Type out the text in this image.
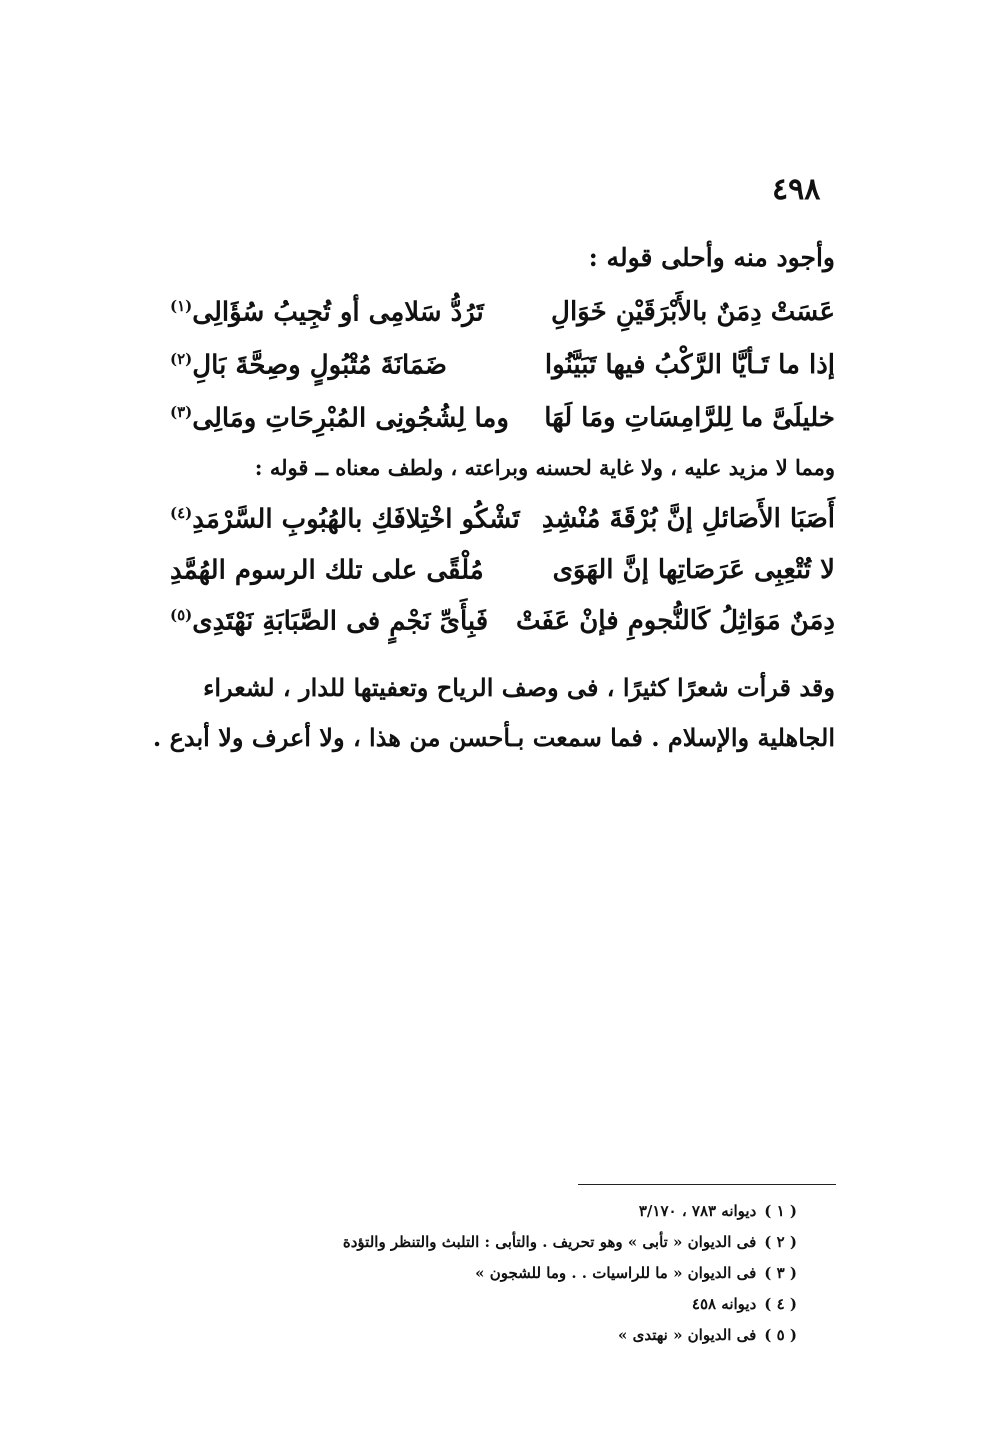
٤٩٨
وأجود منه وأحلى قوله :
عَسَتْ دِمَنٌ بالأَبْرَقَيْنِ خَوَالِ
تَرُدُّ سَلامِى أو تُجِيبُ سُؤَالِى$^{(١)}$
إذا ما تَـأيَّا الرَّكْبُ فيها تَبَيَّنُوا
ضَمَانَةَ مُتْبُولٍ وصِحَّةَ بَالِ$^{(٢)}$
خليلَىَّ ما لِلرَّامِسَاتِ ومَا لَهَا
وما لِشُجُونِى المُبْرِحَاتِ ومَالِى$^{(٣)}$
ومما لا مزيد عليه ، ولا غاية لحسنه وبراعته ، ولطف معناه ــ قوله :
أَصَبَا الأَصَائلِ إنَّ بُرْقَةَ مُنْشِدِ
تَشْكُو اخْتِلافَكِ بالهُبُوبِ السَّرْمَدِ$^{(٤)}$
لا تُتْعِبِى عَرَصَاتِها إنَّ الهَوَى
مُلْقًى على تلك الرسوم الهُمَّدِ
دِمَنٌ مَوَاثِلُ كَالنُّجومِ فإنْ عَفَتْ
فَبِأَىِّ نَجْمٍ فى الصَّبَابَةِ نَهْتَدِى$^{(٥)}$
وقد قرأت شعرًا كثيرًا ، فى وصف الرياح وتعفيتها للدار ، لشعراء
الجاهلية والإسلام . فما سمعت بـأحسن من هذا ، ولا أعرف ولا أبدع .
( ١ )ديوانه ٧٨٣ ، ٣/١٧٠
( ٢ )فى الديوان « تأبى » وهو تحريف . والتأبى : التلبث والتنظر والتؤدة
( ٣ )فى الديوان « ما للراسيات . . وما للشجون »
( ٤ )ديوانه ٤٥٨
( ٥ )فى الديوان « نهتدى »
